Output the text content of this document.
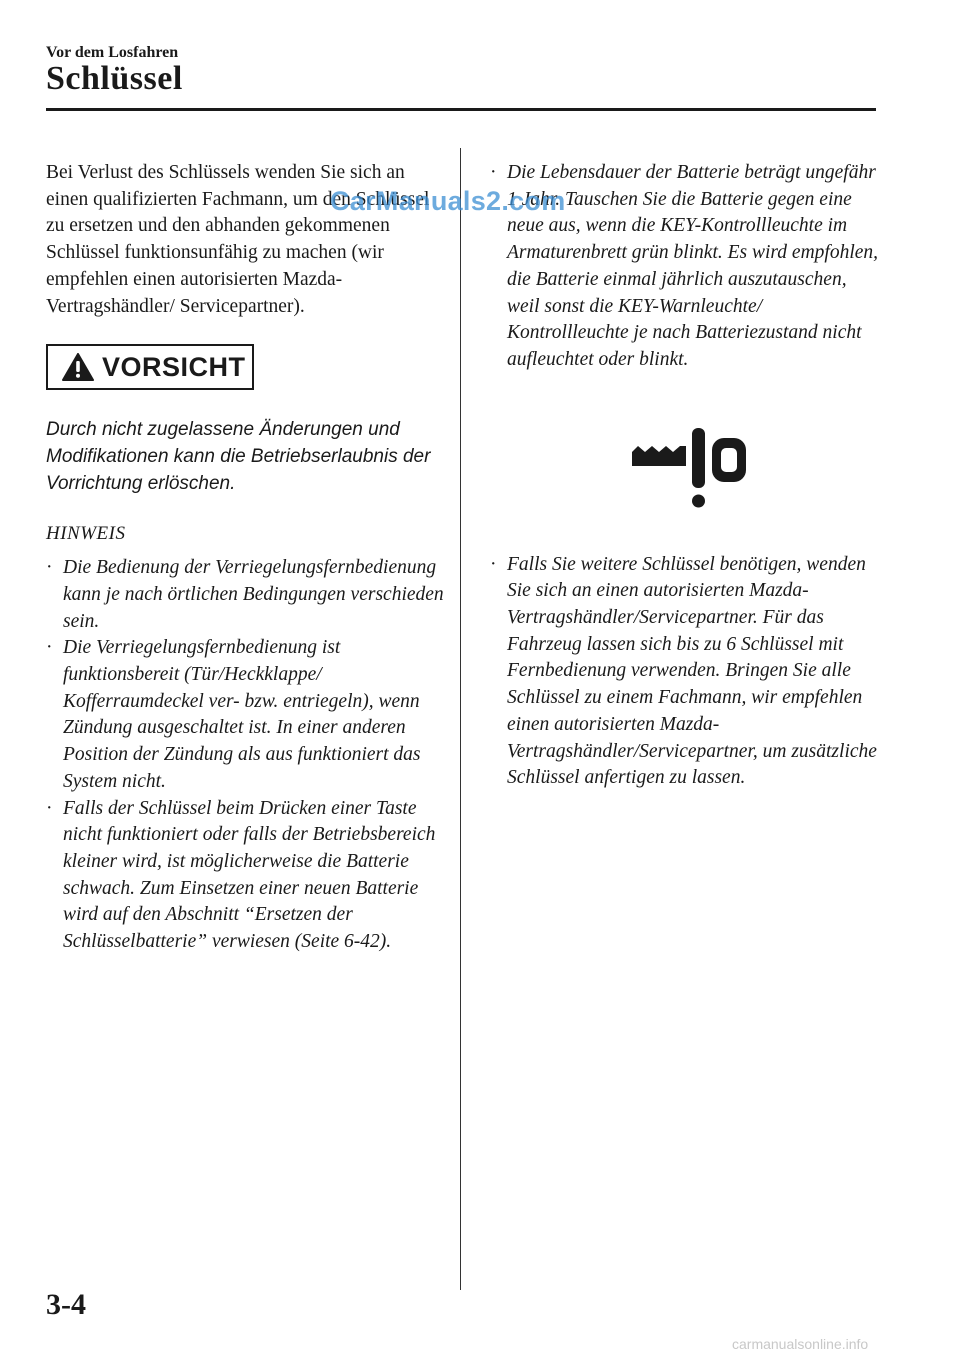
Vor dem Losfahren
Schlüssel

Bei Verlust des Schlüssels wenden Sie sich an einen qualifizierten Fachmann, um den Schlüssel zu ersetzen und den abhanden gekommenen Schlüssel funktionsunfähig zu machen (wir empfehlen einen autorisierten Mazda-Vertragshändler/ Servicepartner).

VORSICHT
Durch nicht zugelassene Änderungen und Modifikationen kann die Betriebserlaubnis der Vorrichtung erlöschen.
HINWEIS
· Die Bedienung der Verriegelungsfernbedienung kann je nach örtlichen Bedingungen verschieden sein.
· Die Verriegelungsfernbedienung ist funktionsbereit (Tür/Heckklappe/ Kofferraumdeckel ver- bzw. entriegeln), wenn Zündung ausgeschaltet ist. In einer anderen Position der Zündung als aus funktioniert das System nicht.
· Falls der Schlüssel beim Drücken einer Taste nicht funktioniert oder falls der Betriebsbereich kleiner wird, ist möglicherweise die Batterie schwach. Zum Einsetzen einer neuen Batterie wird auf den Abschnitt “Ersetzen der Schlüsselbatterie” verwiesen (Seite 6-42).
· Die Lebensdauer der Batterie beträgt ungefähr 1 Jahr. Tauschen Sie die Batterie gegen eine neue aus, wenn die KEY-Kontrollleuchte im Armaturenbrett grün blinkt. Es wird empfohlen, die Batterie einmal jährlich auszutauschen, weil sonst die KEY-Warnleuchte/ Kontrollleuchte je nach Batteriezustand nicht aufleuchtet oder blinkt.
· Falls Sie weitere Schlüssel benötigen, wenden Sie sich an einen autorisierten Mazda-Vertragshändler/Servicepartner. Für das Fahrzeug lassen sich bis zu 6 Schlüssel mit Fernbedienung verwenden. Bringen Sie alle Schlüssel zu einem Fachmann, wir empfehlen einen autorisierten Mazda-Vertragshändler/Servicepartner, um zusätzliche Schlüssel anfertigen zu lassen.
CarManuals2.com
3-4
carmanualsonline.info
